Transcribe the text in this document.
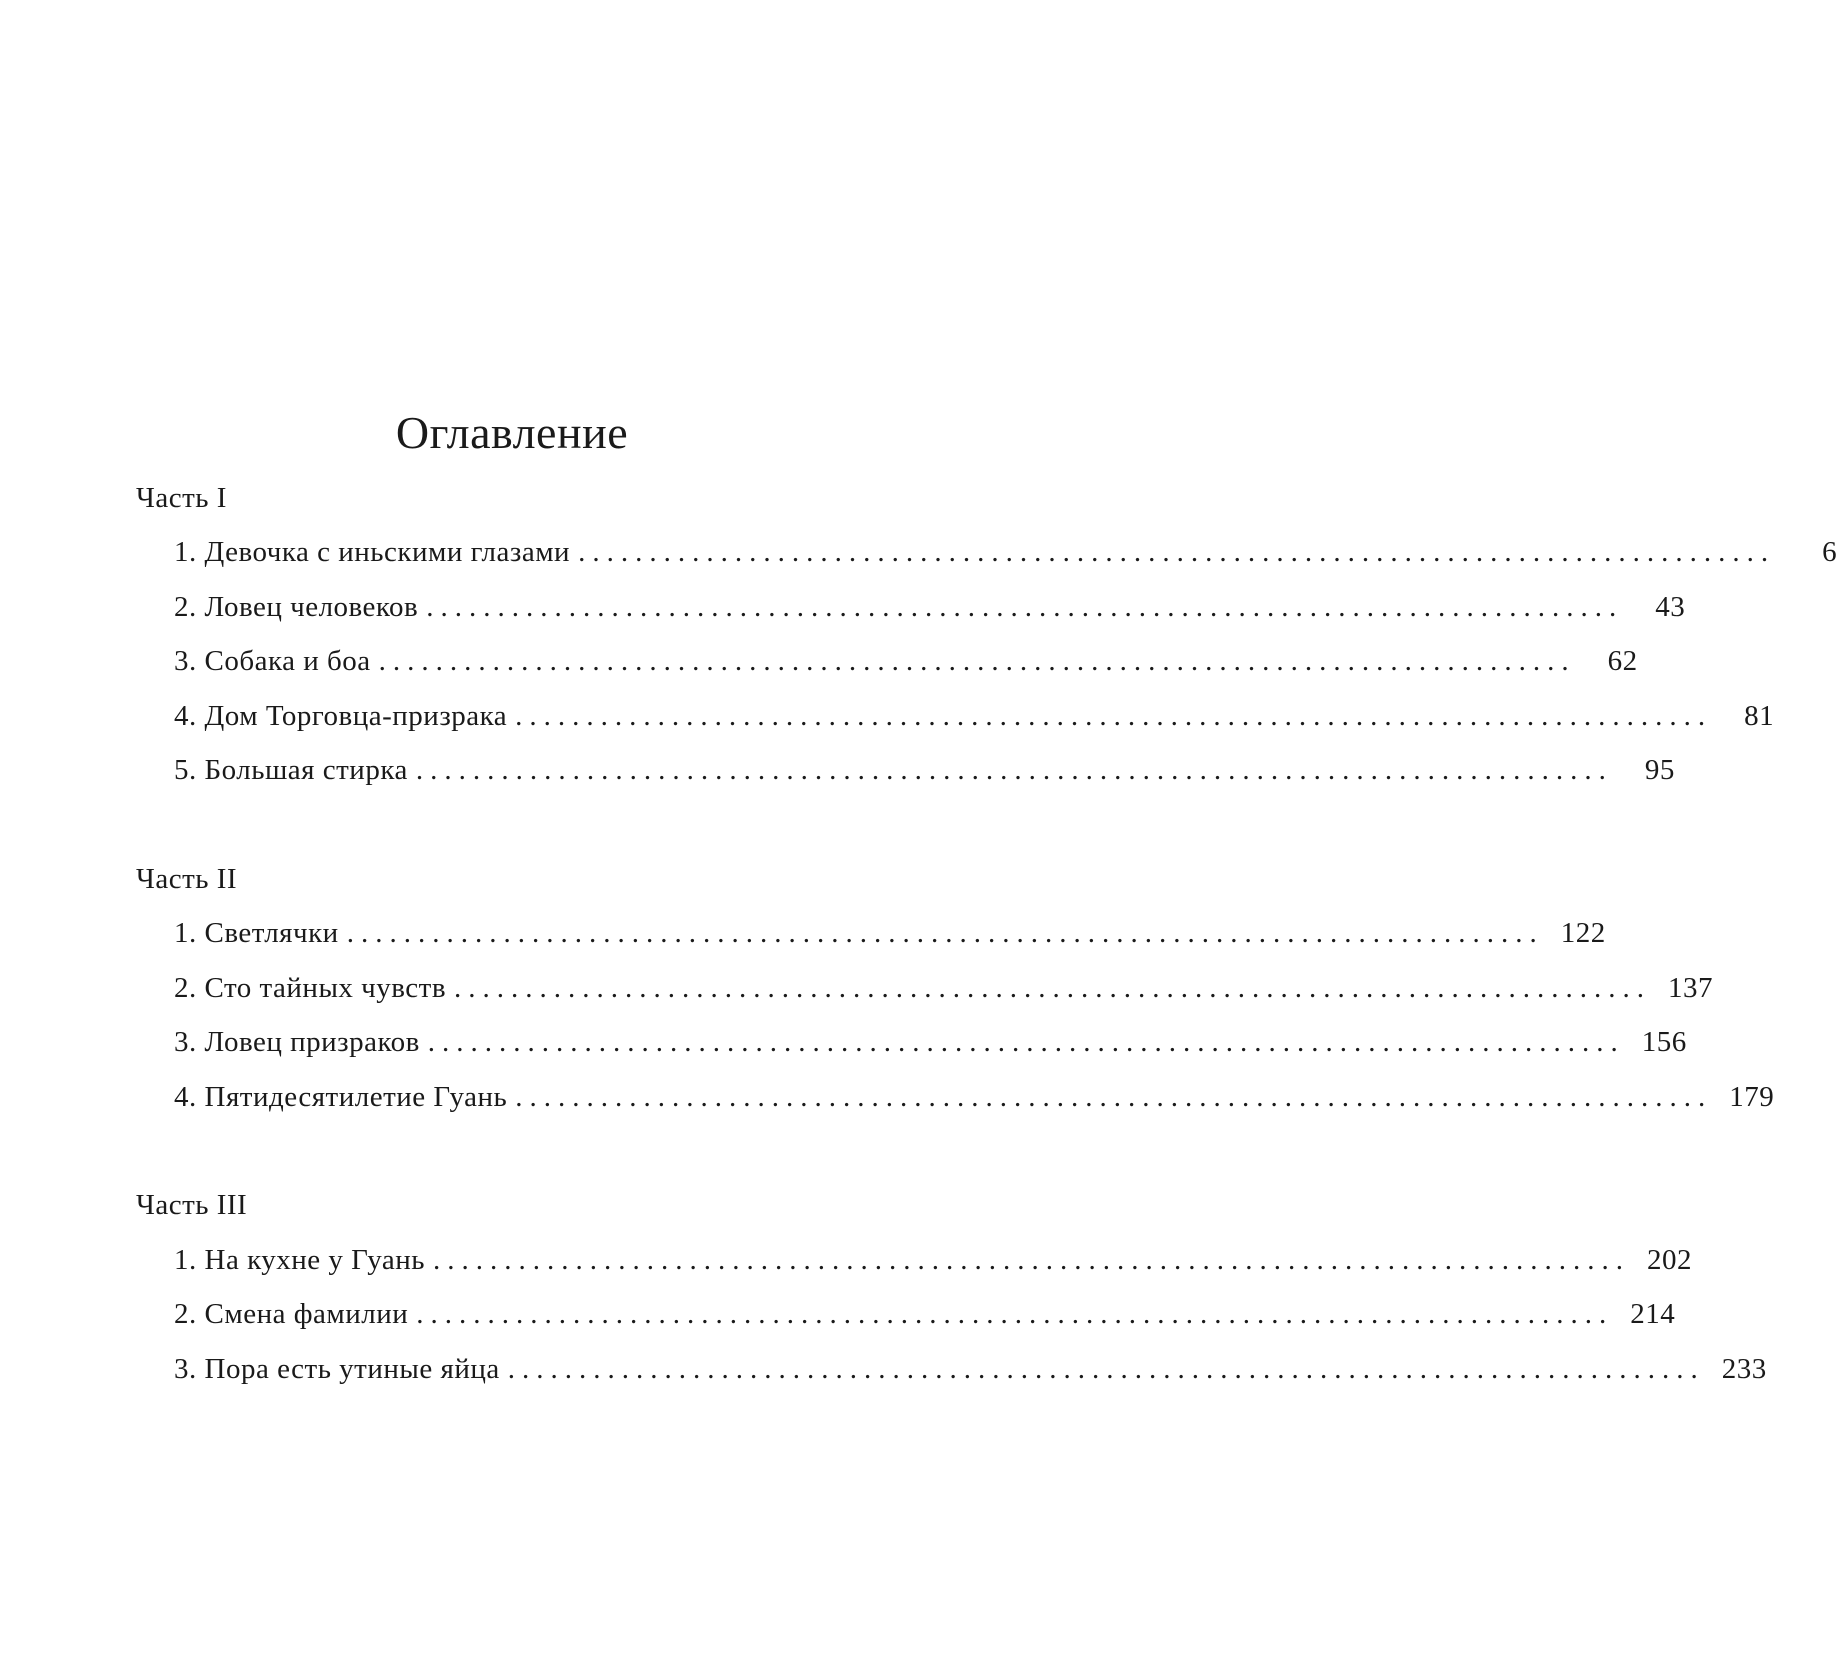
Оглавление
Часть I
1.
Девочка с иньскими глазами ....................................................................................	6
2.
Ловец человеков ....................................................................................	43
3.
Собака и боа ....................................................................................	62
4.
Дом Торговца-призрака ....................................................................................	81
5.
Большая стирка ....................................................................................	95
Часть II
1.
Светлячки .................................................................................... 122
2.
Сто тайных чувств .................................................................................... 137
3.
Ловец призраков .................................................................................... 156
4.
Пятидесятилетие Гуань .................................................................................... 179
Часть III
1.
На кухне у Гуань .................................................................................... 202
2.
Смена фамилии .................................................................................... 214
3.
Пора есть утиные яйца .................................................................................... 233
